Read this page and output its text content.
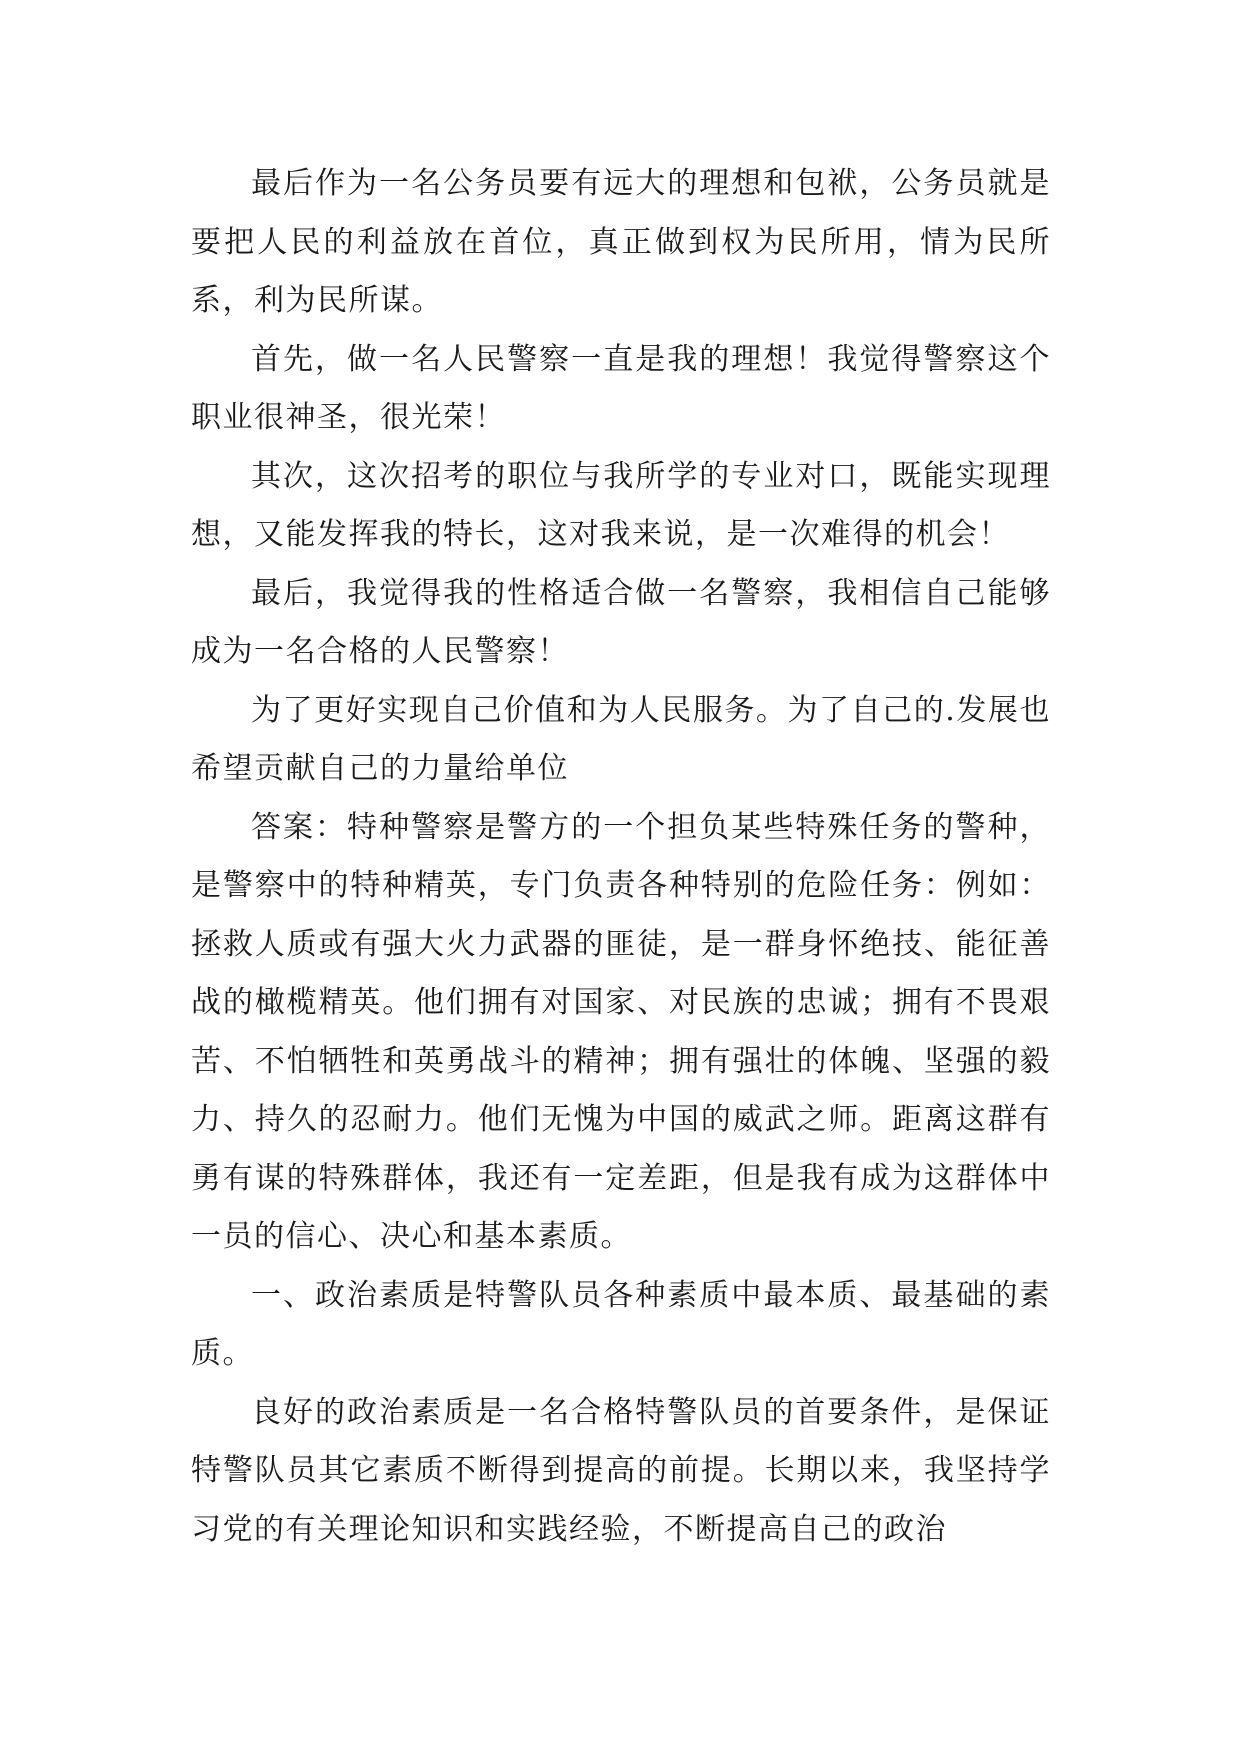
最后作为一名公务员要有远大的理想和包袱，公务员就是要把人民的利益放在首位，真正做到权为民所用，情为民所系，利为民所谋。

首先，做一名人民警察一直是我的理想！我觉得警察这个职业很神圣，很光荣！

其次，这次招考的职位与我所学的专业对口，既能实现理想，又能发挥我的特长，这对我来说，是一次难得的机会！

最后，我觉得我的性格适合做一名警察，我相信自己能够成为一名合格的人民警察！

为了更好实现自己价值和为人民服务。为了自己的.发展也希望贡献自己的力量给单位

答案：特种警察是警方的一个担负某些特殊任务的警种，是警察中的特种精英，专门负责各种特别的危险任务：例如：拯救人质或有强大火力武器的匪徒，是一群身怀绝技、能征善战的橄榄精英。他们拥有对国家、对民族的忠诚；拥有不畏艰苦、不怕牺牲和英勇战斗的精神；拥有强壮的体魄、坚强的毅力、持久的忍耐力。他们无愧为中国的威武之师。距离这群有勇有谋的特殊群体，我还有一定差距，但是我有成为这群体中一员的信心、决心和基本素质。

一、政治素质是特警队员各种素质中最本质、最基础的素质。

良好的政治素质是一名合格特警队员的首要条件，是保证特警队员其它素质不断得到提高的前提。长期以来，我坚持学习党的有关理论知识和实践经验，不断提高自己的政治
